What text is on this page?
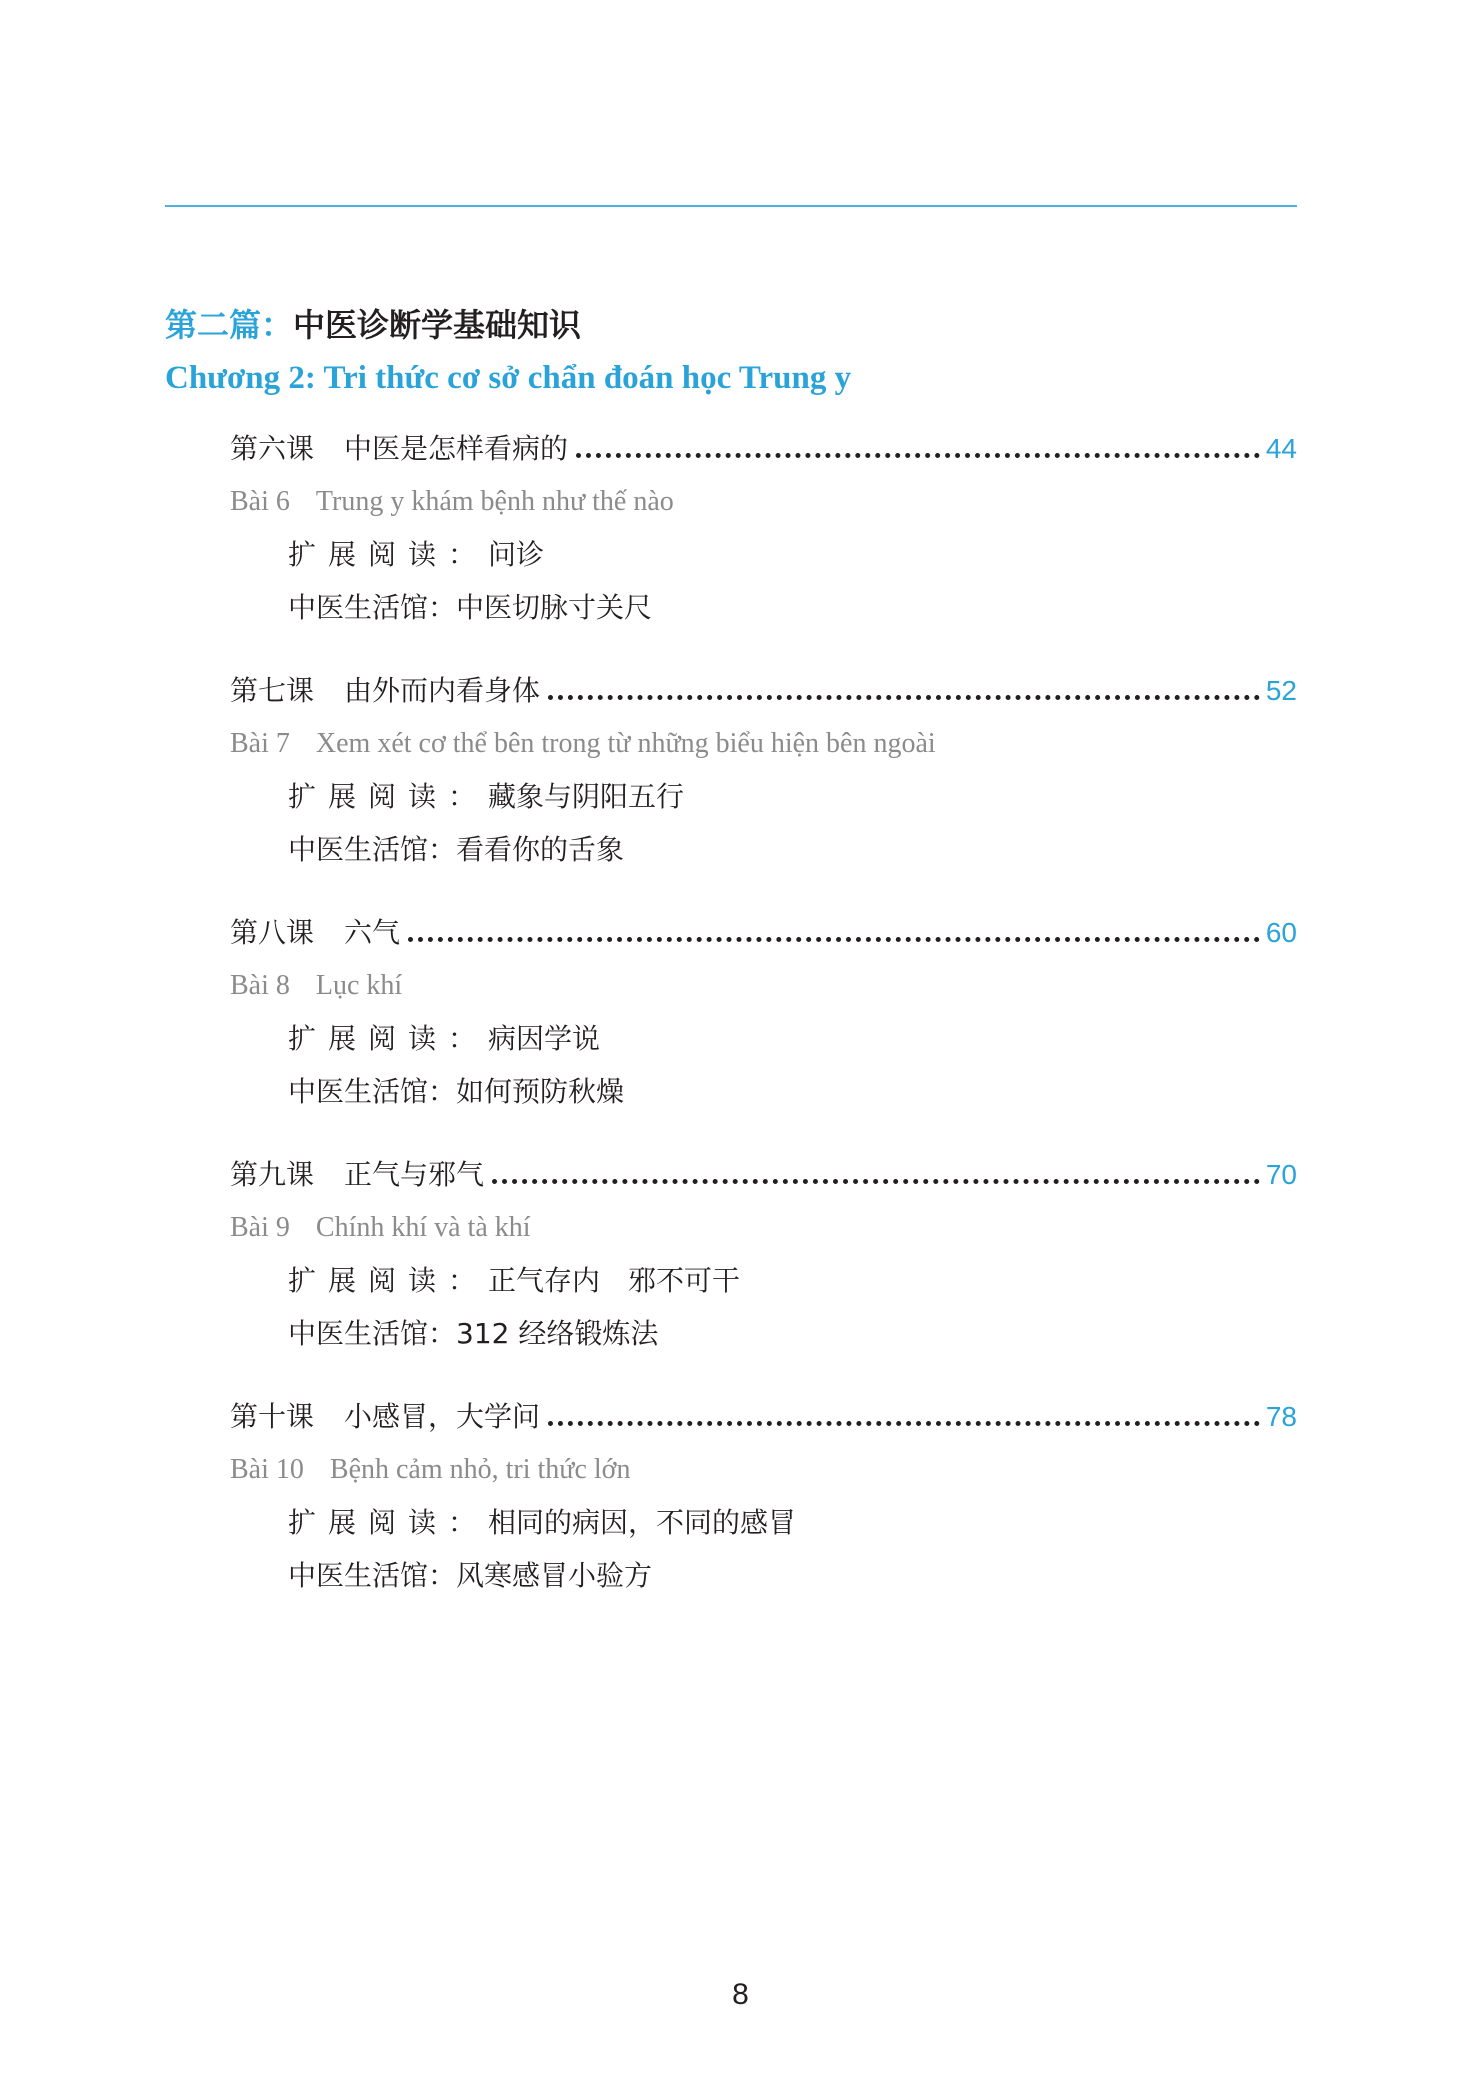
第二篇：中医诊断学基础知识
Chương 2: Tri thức cơ sở chẩn đoán học Trung y
第六课 中医是怎样看病的	44
Bài 6 Trung y khám bệnh như thế nào
扩展阅读：问诊
中医生活馆：中医切脉寸关尺
第七课 由外而内看身体	52
Bài 7 Xem xét cơ thể bên trong từ những biểu hiện bên ngoài
扩展阅读：藏象与阴阳五行
中医生活馆：看看你的舌象
第八课 六气	60
Bài 8 Lục khí
扩展阅读：病因学说
中医生活馆：如何预防秋燥
第九课 正气与邪气	70
Bài 9 Chính khí và tà khí
扩展阅读：正气存内　邪不可干
中医生活馆：312 经络锻炼法
第十课 小感冒，大学问	78
Bài 10 Bệnh cảm nhỏ, tri thức lớn
扩展阅读：相同的病因，不同的感冒
中医生活馆：风寒感冒小验方
8
